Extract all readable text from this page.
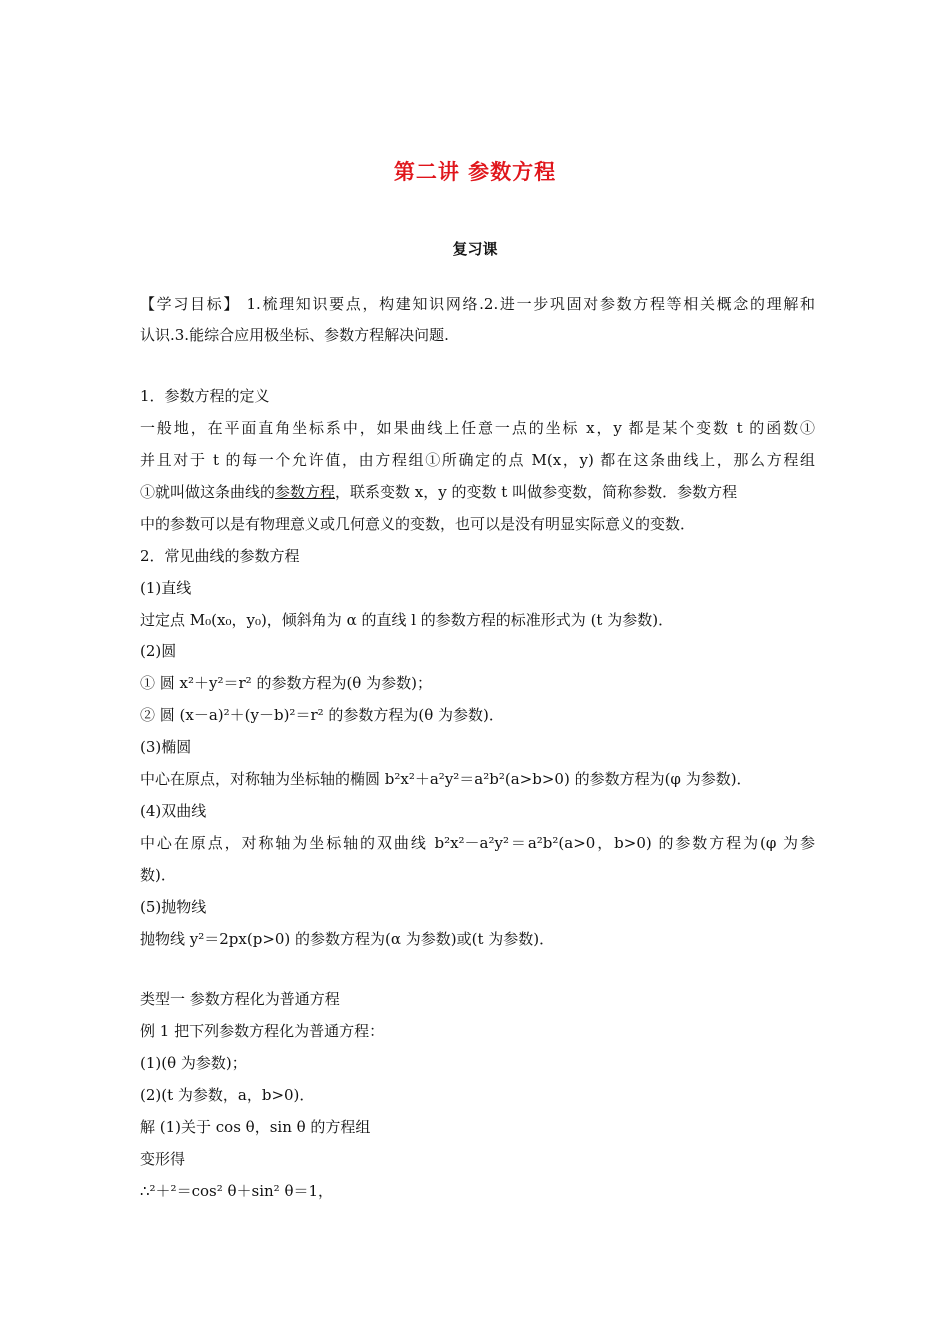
第二讲 参数方程
复习课
【学习目标】 1.梳理知识要点，构建知识网络.2.进一步巩固对参数方程等相关概念的理解和
认识.3.能综合应用极坐标、参数方程解决问题.
1．参数方程的定义
一般地，在平面直角坐标系中，如果曲线上任意一点的坐标 x，y 都是某个变数 t 的函数①
并且对于 t 的每一个允许值，由方程组①所确定的点 M(x，y) 都在这条曲线上，那么方程组
①就叫做这条曲线的参数方程，联系变数 x，y 的变数 t 叫做参变数，简称参数．参数方程
中的参数可以是有物理意义或几何意义的变数，也可以是没有明显实际意义的变数．
2．常见曲线的参数方程
(1)直线
过定点 M₀(x₀，y₀)，倾斜角为 α 的直线 l 的参数方程的标准形式为 (t 为参数)．
(2)圆
① 圆 x²＋y²＝r² 的参数方程为(θ 为参数)；
② 圆 (x－a)²＋(y－b)²＝r² 的参数方程为(θ 为参数)．
(3)椭圆
中心在原点，对称轴为坐标轴的椭圆 b²x²＋a²y²＝a²b²(a>b>0) 的参数方程为(φ 为参数)．
(4)双曲线
中心在原点，对称轴为坐标轴的双曲线 b²x²－a²y²＝a²b²(a>0，b>0) 的参数方程为(φ 为参
数)．
(5)抛物线
抛物线 y²＝2px(p>0) 的参数方程为(α 为参数)或(t 为参数)．
类型一 参数方程化为普通方程
例 1 把下列参数方程化为普通方程：
(1)(θ 为参数)；
(2)(t 为参数，a，b>0)．
解 (1)关于 cos θ，sin θ 的方程组
变形得
∴²＋²＝cos² θ＋sin² θ＝1，
